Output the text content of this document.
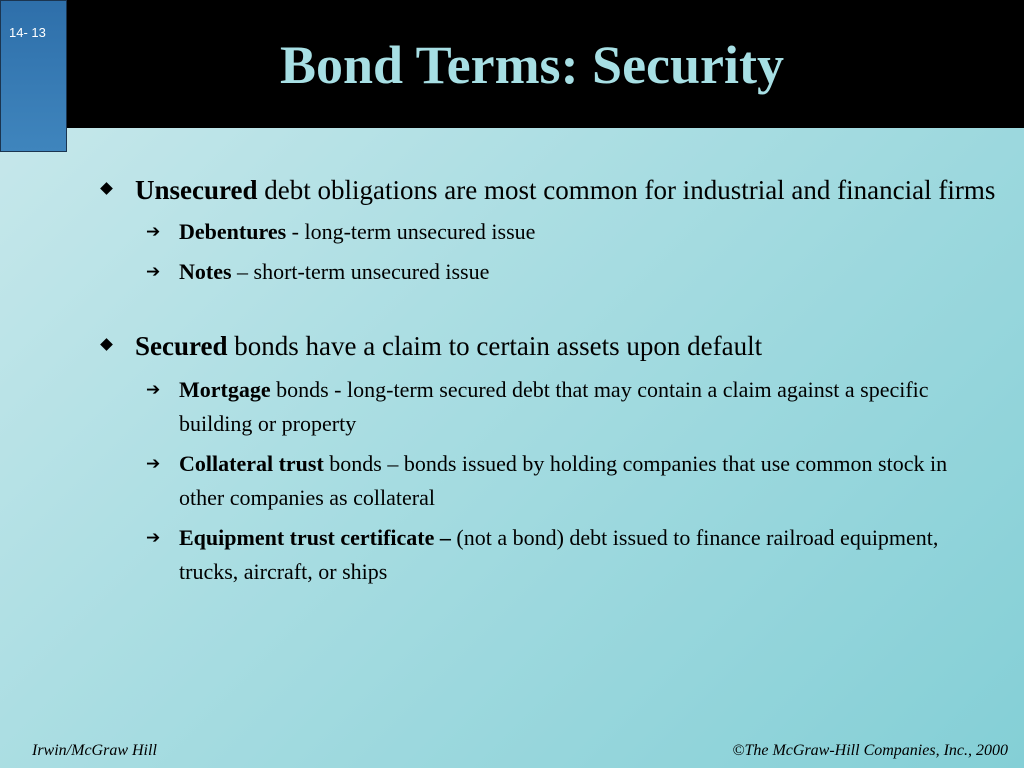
14- 13
Bond Terms: Security
Unsecured debt obligations are most common for industrial and financial firms
➔ Debentures - long-term unsecured issue
➔ Notes – short-term unsecured issue
Secured bonds have a claim to certain assets upon default
➔ Mortgage bonds - long-term secured debt that may contain a claim against a specific building or property
➔ Collateral trust bonds – bonds issued by holding companies that use common stock in other companies as collateral
➔ Equipment trust certificate – (not a bond) debt issued to finance railroad equipment, trucks, aircraft, or ships
Irwin/McGraw Hill	©The McGraw-Hill Companies, Inc., 2000
